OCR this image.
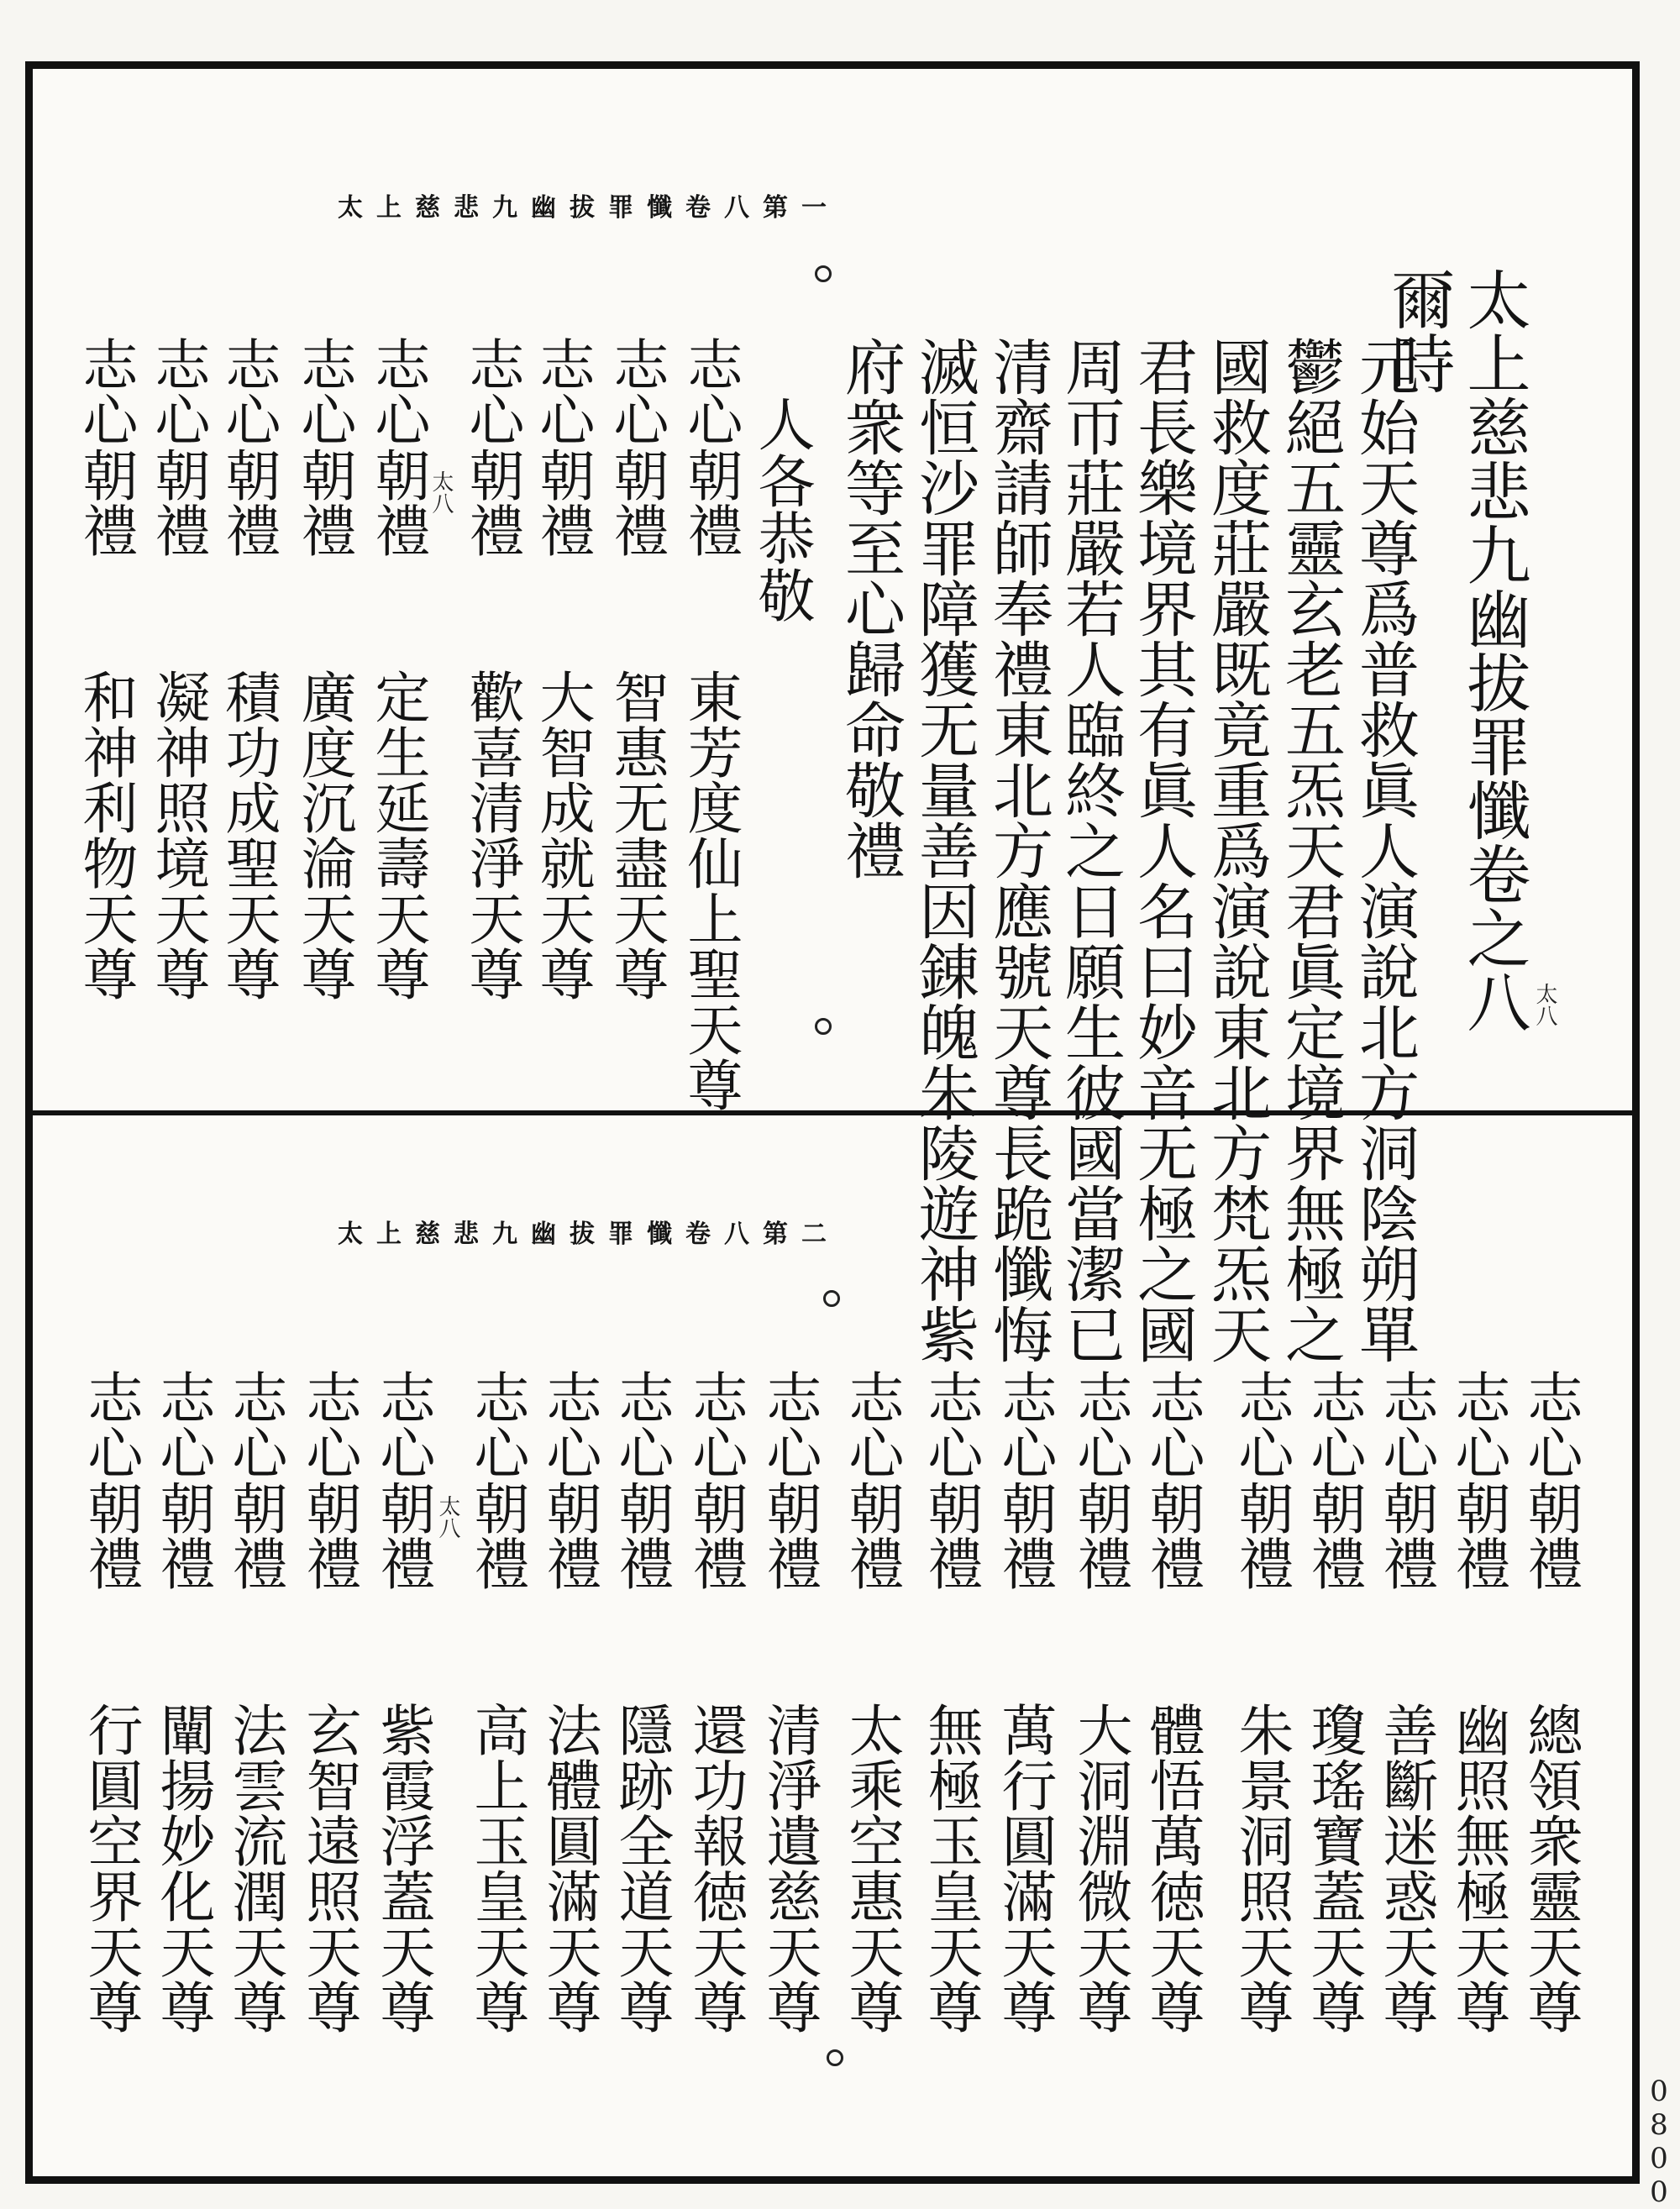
太上慈悲九幽拔罪懺卷八第一
太八
太上慈悲九幽拔罪懺卷之八
爾時
元始天尊爲普救眞人演說北方洞陰朔單
鬱絕五靈玄老五炁天君眞定境界無極之
國救度莊嚴既竟重爲演說東北方梵炁天
君長樂境界其有眞人名曰妙音无極之國
周帀莊嚴若人臨終之日願生彼國當潔已
清齋請師奉禮東北方應號天尊長跪懺悔
滅恒沙罪障獲无量善因錬魄朱陵遊神紫
府衆等至心歸命敬禮
人各恭敬
志心朝禮　　東芳度仙上聖天尊
志心朝禮　　智惠无盡天尊
志心朝禮　　大智成就天尊
志心朝禮　　歡喜清淨天尊
太八
志心朝禮　　定生延壽天尊
志心朝禮　　廣度沉淪天尊
志心朝禮　　積功成聖天尊
志心朝禮　　凝神照境天尊
志心朝禮　　和神利物天尊
太上慈悲九幽拔罪懺卷八第二
志心朝禮　　總領衆靈天尊
志心朝禮　　幽照無極天尊
志心朝禮　　善斷迷惑天尊
志心朝禮　　瓊瑤寶蓋天尊
志心朝禮　　朱景洞照天尊
志心朝禮　　體悟萬徳天尊
志心朝禮　　大洞淵微天尊
志心朝禮　　萬行圓滿天尊
志心朝禮　　無極玉皇天尊
志心朝禮　　太乘空惠天尊
志心朝禮　　清淨遺慈天尊
志心朝禮　　還功報徳天尊
志心朝禮　　隱跡全道天尊
志心朝禮　　法體圓滿天尊
太八 志心朝禮　　高上玉皇天尊
志心朝禮　　紫霞浮蓋天尊
志心朝禮　　玄智遠照天尊
志心朝禮　　法雲流潤天尊
志心朝禮　　闡揚妙化天尊
志心朝禮　　行圓空界天尊
0800
